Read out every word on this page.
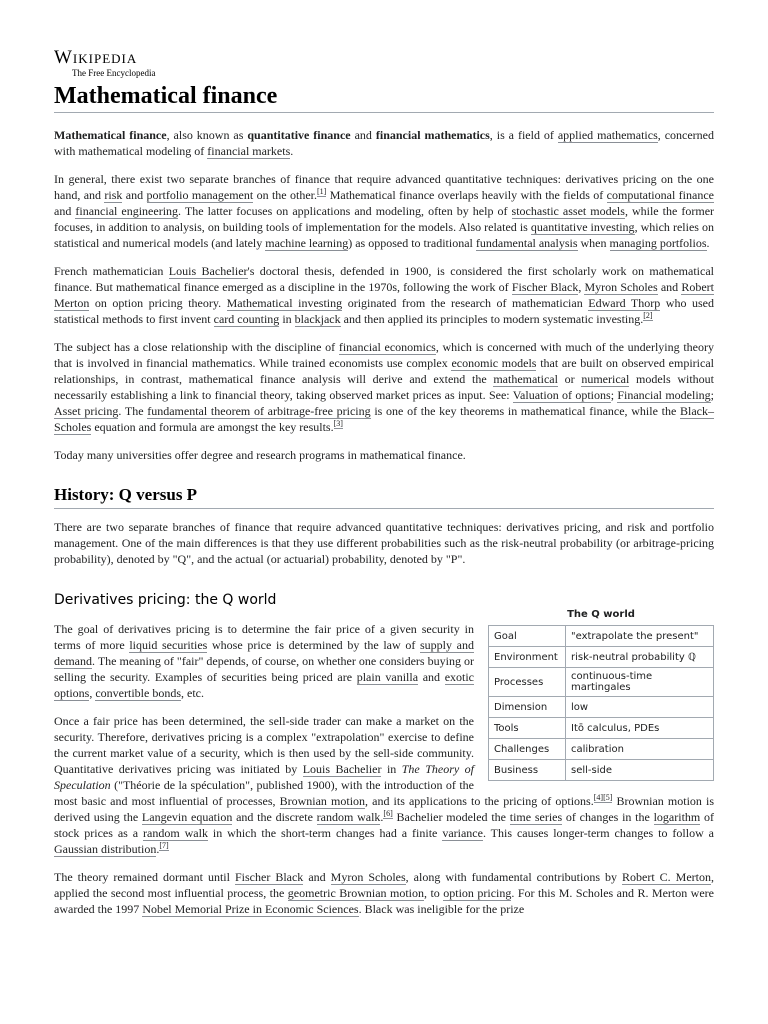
Wikipedia
The Free Encyclopedia
Mathematical finance

Mathematical finance, also known as quantitative finance and financial mathematics, is a field of applied mathematics, concerned with mathematical modeling of financial markets.

In general, there exist two separate branches of finance that require advanced quantitative techniques: derivatives pricing on the one hand, and risk and portfolio management on the other.[1] Mathematical finance overlaps heavily with the fields of computational finance and financial engineering. The latter focuses on applications and modeling, often by help of stochastic asset models, while the former focuses, in addition to analysis, on building tools of implementation for the models. Also related is quantitative investing, which relies on statistical and numerical models (and lately machine learning) as opposed to traditional fundamental analysis when managing portfolios.

French mathematician Louis Bachelier's doctoral thesis, defended in 1900, is considered the first scholarly work on mathematical finance. But mathematical finance emerged as a discipline in the 1970s, following the work of Fischer Black, Myron Scholes and Robert Merton on option pricing theory. Mathematical investing originated from the research of mathematician Edward Thorp who used statistical methods to first invent card counting in blackjack and then applied its principles to modern systematic investing.[2]

The subject has a close relationship with the discipline of financial economics, which is concerned with much of the underlying theory that is involved in financial mathematics. While trained economists use complex economic models that are built on observed empirical relationships, in contrast, mathematical finance analysis will derive and extend the mathematical or numerical models without necessarily establishing a link to financial theory, taking observed market prices as input. See: Valuation of options; Financial modeling; Asset pricing. The fundamental theorem of arbitrage-free pricing is one of the key theorems in mathematical finance, while the Black–Scholes equation and formula are amongst the key results.[3]

Today many universities offer degree and research programs in mathematical finance.

History: Q versus P

There are two separate branches of finance that require advanced quantitative techniques: derivatives pricing, and risk and portfolio management. One of the main differences is that they use different probabilities such as the risk-neutral probability (or arbitrage-pricing probability), denoted by "Q", and the actual (or actuarial) probability, denoted by "P".

Derivatives pricing: the Q world
The Q world
Goal	"extrapolate the present"
Environment	risk-neutral probability ℚ
Processes	continuous-time martingales
Dimension	low
Tools	Itō calculus, PDEs
Challenges	calibration
Business	sell-side

The goal of derivatives pricing is to determine the fair price of a given security in terms of more liquid securities whose price is determined by the law of supply and demand. The meaning of "fair" depends, of course, on whether one considers buying or selling the security. Examples of securities being priced are plain vanilla and exotic options, convertible bonds, etc.

Once a fair price has been determined, the sell-side trader can make a market on the security. Therefore, derivatives pricing is a complex "extrapolation" exercise to define the current market value of a security, which is then used by the sell-side community. Quantitative derivatives pricing was initiated by Louis Bachelier in The Theory of Speculation ("Théorie de la spéculation", published 1900), with the introduction of the most basic and most influential of processes, Brownian motion, and its applications to the pricing of options.[4][5] Brownian motion is derived using the Langevin equation and the discrete random walk.[6] Bachelier modeled the time series of changes in the logarithm of stock prices as a random walk in which the short-term changes had a finite variance. This causes longer-term changes to follow a Gaussian distribution.[7]

The theory remained dormant until Fischer Black and Myron Scholes, along with fundamental contributions by Robert C. Merton, applied the second most influential process, the geometric Brownian motion, to option pricing. For this M. Scholes and R. Merton were awarded the 1997 Nobel Memorial Prize in Economic Sciences. Black was ineligible for the prize
